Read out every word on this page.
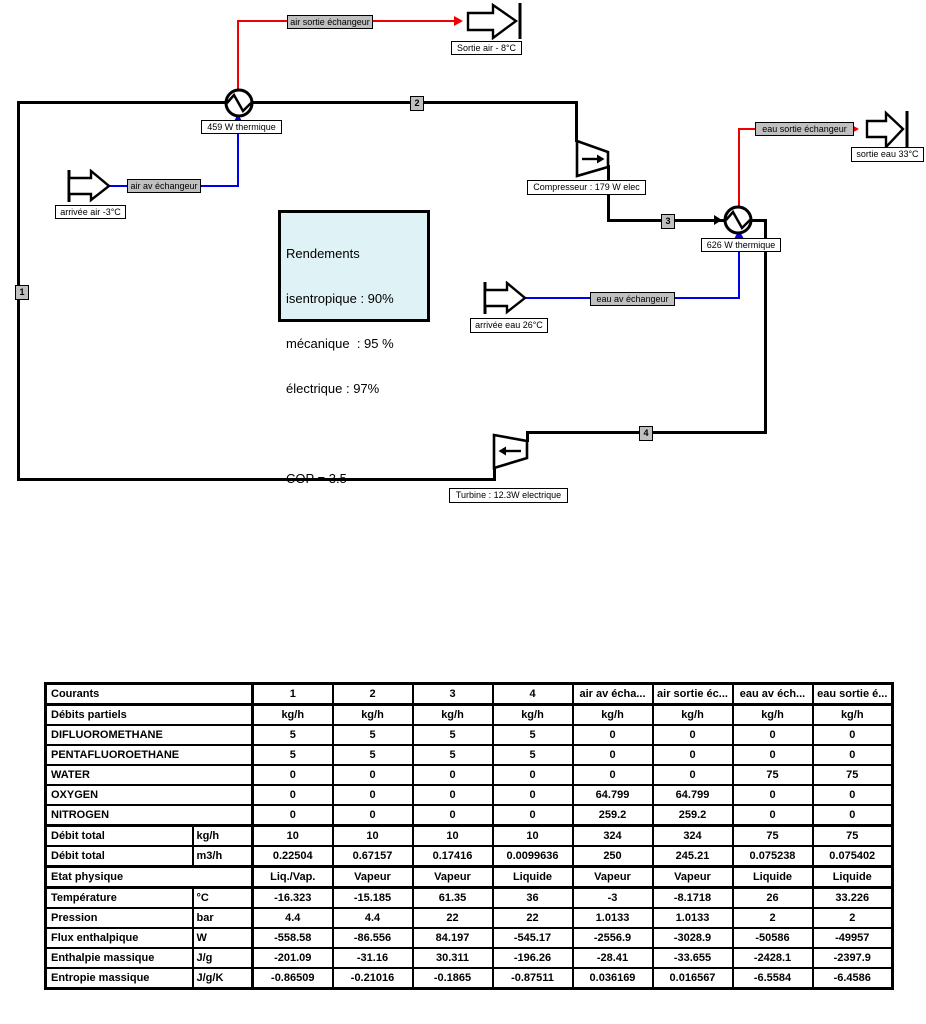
air sortie échangeur
air av échangeur
eau sortie échangeur
eau av échangeur
Sortie air - 8°C
459 W thermique
arrivée air -3°C
Compresseur : 179 W elec
sortie eau 33°C
626 W thermique
arrivée eau 26°C
Turbine : 12.3W electrique
1
2
3
4

Rendements

isentropique : 90%

mécanique  : 95 %

électrique : 97%

COP = 3.5

Courants		1	2	3	4	air av écha...	air sortie éc...	eau av éch...	eau sortie é...
Débits partiels		kg/h	kg/h	kg/h	kg/h	kg/h	kg/h	kg/h	kg/h
DIFLUOROMETHANE		5	5	5	5	0	0	0	0
PENTAFLUOROETHANE		5	5	5	5	0	0	0	0
WATER		0	0	0	0	0	0	75	75
OXYGEN		0	0	0	0	64.799	64.799	0	0
NITROGEN		0	0	0	0	259.2	259.2	0	0
Débit total	kg/h	10	10	10	10	324	324	75	75
Débit total	m3/h	0.22504	0.67157	0.17416	0.0099636	250	245.21	0.075238	0.075402
Etat physique		Liq./Vap.	Vapeur	Vapeur	Liquide	Vapeur	Vapeur	Liquide	Liquide
Température	°C	-16.323	-15.185	61.35	36	-3	-8.1718	26	33.226
Pression	bar	4.4	4.4	22	22	1.0133	1.0133	2	2
Flux enthalpique	W	-558.58	-86.556	84.197	-545.17	-2556.9	-3028.9	-50586	-49957
Enthalpie massique	J/g	-201.09	-31.16	30.311	-196.26	-28.41	-33.655	-2428.1	-2397.9
Entropie massique	J/g/K	-0.86509	-0.21016	-0.1865	-0.87511	0.036169	0.016567	-6.5584	-6.4586
